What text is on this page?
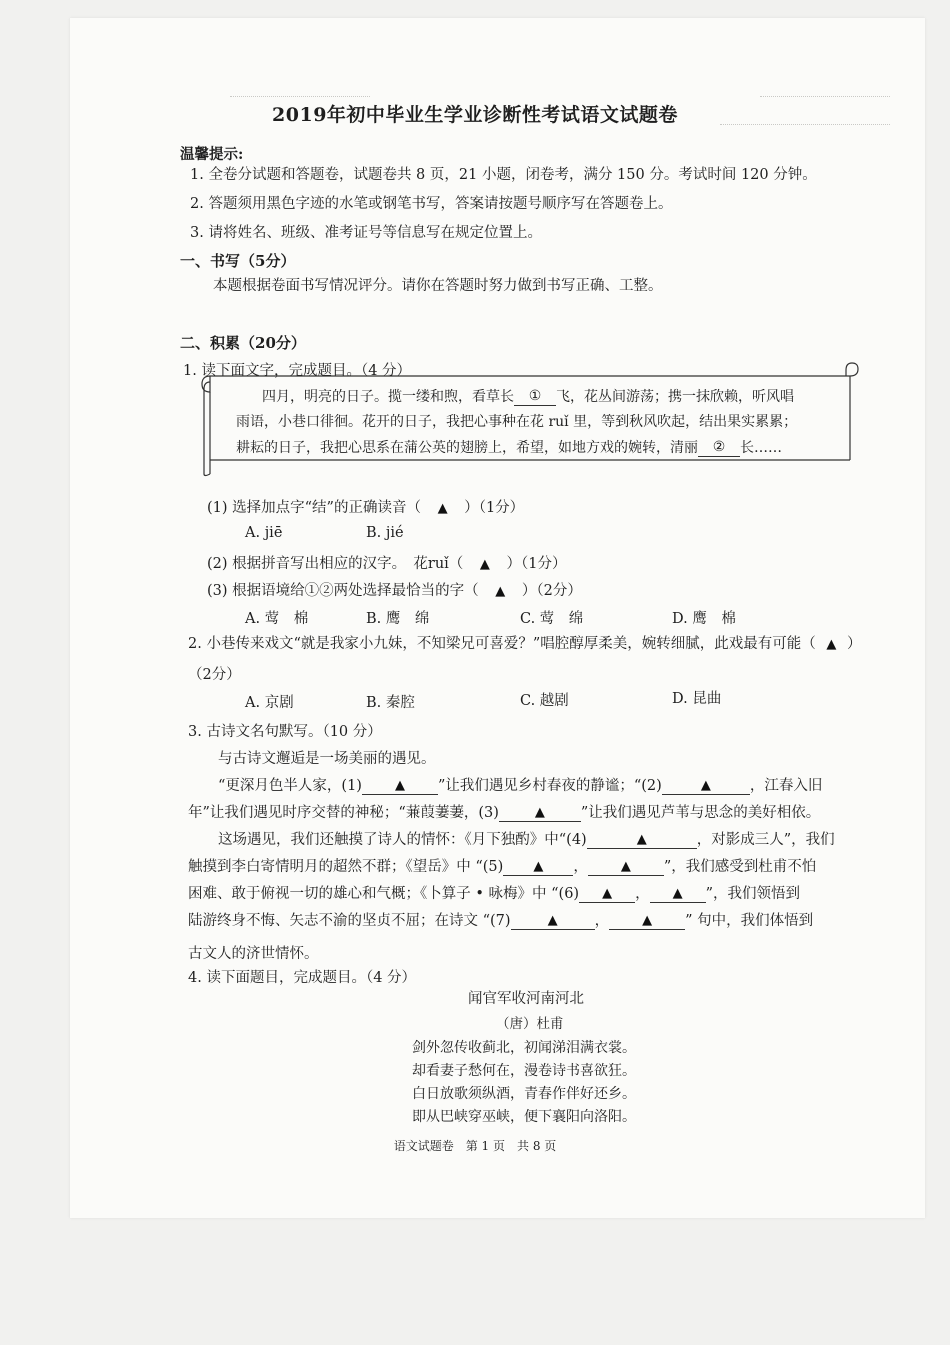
2019年初中毕业生学业诊断性考试语文试题卷
温馨提示:
1. 全卷分试题和答题卷，试题卷共 8 页，21 小题，闭卷考，满分 150 分。考试时间 120 分钟。
2. 答题须用黑色字迹的水笔或钢笔书写，答案请按题号顺序写在答题卷上。
3. 请将姓名、班级、准考证号等信息写在规定位置上。
一、书写（5分）
本题根据卷面书写情况评分。请你在答题时努力做到书写正确、工整。
二、积累（20分）
1. 读下面文字，完成题目。（4 分）
四月，明亮的日子。揽一缕和煦，看草长 ① 飞，花丛间游荡；携一抹欣赖，听风唱
雨语，小巷口徘徊。花开的日子，我把心事种在花 ruǐ 里，等到秋风吹起，结出果实累累；
耕耘的日子，我把心思系在蒲公英的翅膀上，希望，如地方戏的婉转，清丽 ② 长……
(1) 选择加点字“结”的正确读音（ ▲ ）（1分）
A. jiē	B. jié
(2) 根据拼音写出相应的汉字。　花ruǐ（ ▲ ）（1分）
(3) 根据语境给①②两处选择最恰当的字（ ▲ ）（2分）
A. 莺　棉	B. 鹰　绵	C. 莺　绵	D. 鹰　棉
2. 小巷传来戏文“就是我家小九妹，不知梁兄可喜爱？”唱腔醇厚柔美，婉转细腻，此戏最有可能（ ▲ ）
（2分）
A. 京剧	B. 秦腔	C. 越剧	D. 昆曲
3. 古诗文名句默写。（10 分）
与古诗文邂逅是一场美丽的遇见。
“更深月色半人家，(1)	▲ ”让我们遇见乡村春夜的静谧；“(2)	▲	，江春入旧
年”让我们遇见时序交替的神秘；“蒹葭萋萋，(3)	▲ ”让我们遇见芦苇与思念的美好相依。
这场遇见，我们还触摸了诗人的情怀：《月下独酌》中“(4)	▲	，对影成三人”，我们
触摸到李白寄情明月的超然不群；《望岳》中 “(5) ▲ ，	▲ ”，我们感受到杜甫不怕
困难、敢于俯视一切的雄心和气概；《卜算子 • 咏梅》中 “(6) ▲ ， ▲ ”，我们领悟到
陆游终身不悔、矢志不渝的坚贞不屈；在诗文 “(7)	▲	，	▲ ” 句中，我们体悟到
古文人的济世情怀。
4. 读下面题目，完成题目。（4 分）
闻官军收河南河北
（唐）杜甫
剑外忽传收蓟北，初闻涕泪满衣裳。
却看妻子愁何在，漫卷诗书喜欲狂。
白日放歌须纵酒，青春作伴好还乡。
即从巴峡穿巫峡，便下襄阳向洛阳。
语文试题卷　第 1 页　共 8 页
